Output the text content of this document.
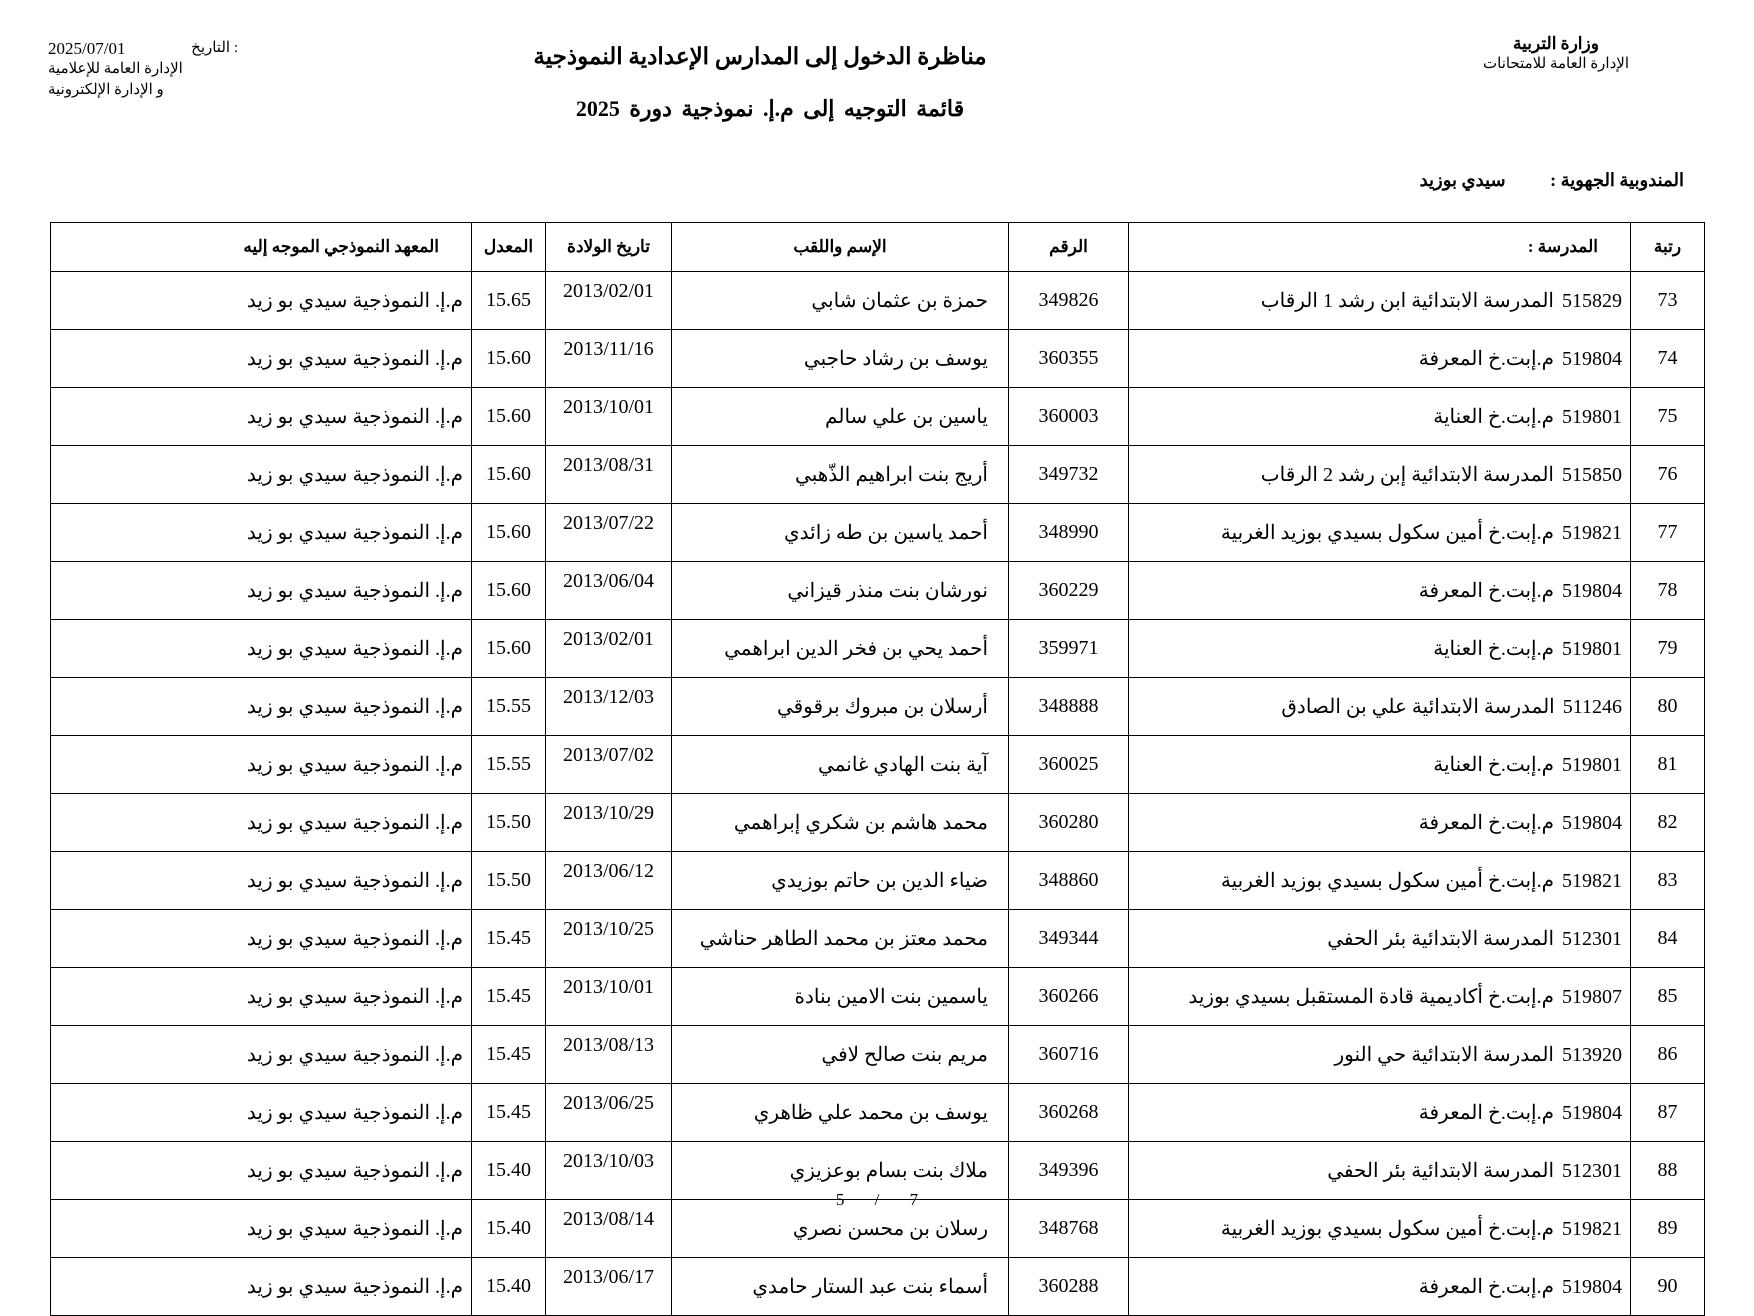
2025/07/01	التاريخ :
الإدارة العامة للإعلامية
و الإدارة الإلكترونية
وزارة التربية
الإدارة العامة للامتحانات
مناظرة الدخول إلى المدارس الإعدادية النموذجية
قائمة التوجيه إلى م.إ. نموذجية دورة 2025
المندوبية الجهوية : سيدي بوزيد
رتبة	المدرسة :	الرقم	الإسم واللقب	تاريخ الولادة	المعدل	المعهد النموذجي الموجه إليه
73	515829المدرسة الابتدائية ابن رشد 1 الرقاب	349826	حمزة بن عثمان شابي	2013/02/01	15.65	م.إ. النموذجية سيدي بو زيد
74	519804م.إبت.خ المعرفة	360355	يوسف بن رشاد حاجبي	2013/11/16	15.60	م.إ. النموذجية سيدي بو زيد
75	519801م.إبت.خ العناية	360003	ياسين بن علي سالم	2013/10/01	15.60	م.إ. النموذجية سيدي بو زيد
76	515850المدرسة الابتدائية إبن رشد 2 الرقاب	349732	أريج بنت ابراهيم الذّهبي	2013/08/31	15.60	م.إ. النموذجية سيدي بو زيد
77	519821م.إبت.خ أمين سكول بسيدي بوزيد الغربية	348990	أحمد ياسين بن طه زائدي	2013/07/22	15.60	م.إ. النموذجية سيدي بو زيد
78	519804م.إبت.خ المعرفة	360229	نورشان بنت منذر قيزاني	2013/06/04	15.60	م.إ. النموذجية سيدي بو زيد
79	519801م.إبت.خ العناية	359971	أحمد يحي بن فخر الدين ابراهمي	2013/02/01	15.60	م.إ. النموذجية سيدي بو زيد
80	511246المدرسة الابتدائية علي بن الصادق	348888	أرسلان بن مبروك برقوقي	2013/12/03	15.55	م.إ. النموذجية سيدي بو زيد
81	519801م.إبت.خ العناية	360025	آية بنت الهادي غانمي	2013/07/02	15.55	م.إ. النموذجية سيدي بو زيد
82	519804م.إبت.خ المعرفة	360280	محمد هاشم بن شكري إبراهمي	2013/10/29	15.50	م.إ. النموذجية سيدي بو زيد
83	519821م.إبت.خ أمين سكول بسيدي بوزيد الغربية	348860	ضياء الدين بن حاتم بوزيدي	2013/06/12	15.50	م.إ. النموذجية سيدي بو زيد
84	512301المدرسة الابتدائية بئر الحفي	349344	محمد معتز بن محمد الطاهر حناشي	2013/10/25	15.45	م.إ. النموذجية سيدي بو زيد
85	519807م.إبت.خ أكاديمية قادة المستقبل بسيدي بوزيد	360266	ياسمين بنت الامين بنادة	2013/10/01	15.45	م.إ. النموذجية سيدي بو زيد
86	513920المدرسة الابتدائية حي النور	360716	مريم بنت صالح لافي	2013/08/13	15.45	م.إ. النموذجية سيدي بو زيد
87	519804م.إبت.خ المعرفة	360268	يوسف بن محمد علي ظاهري	2013/06/25	15.45	م.إ. النموذجية سيدي بو زيد
88	512301المدرسة الابتدائية بئر الحفي	349396	ملاك بنت بسام بوعزيزي	2013/10/03	15.40	م.إ. النموذجية سيدي بو زيد
89	519821م.إبت.خ أمين سكول بسيدي بوزيد الغربية	348768	رسلان بن محسن نصري	2013/08/14	15.40	م.إ. النموذجية سيدي بو زيد
90	519804م.إبت.خ المعرفة	360288	أسماء بنت عبد الستار حامدي	2013/06/17	15.40	م.إ. النموذجية سيدي بو زيد
5 / 7
